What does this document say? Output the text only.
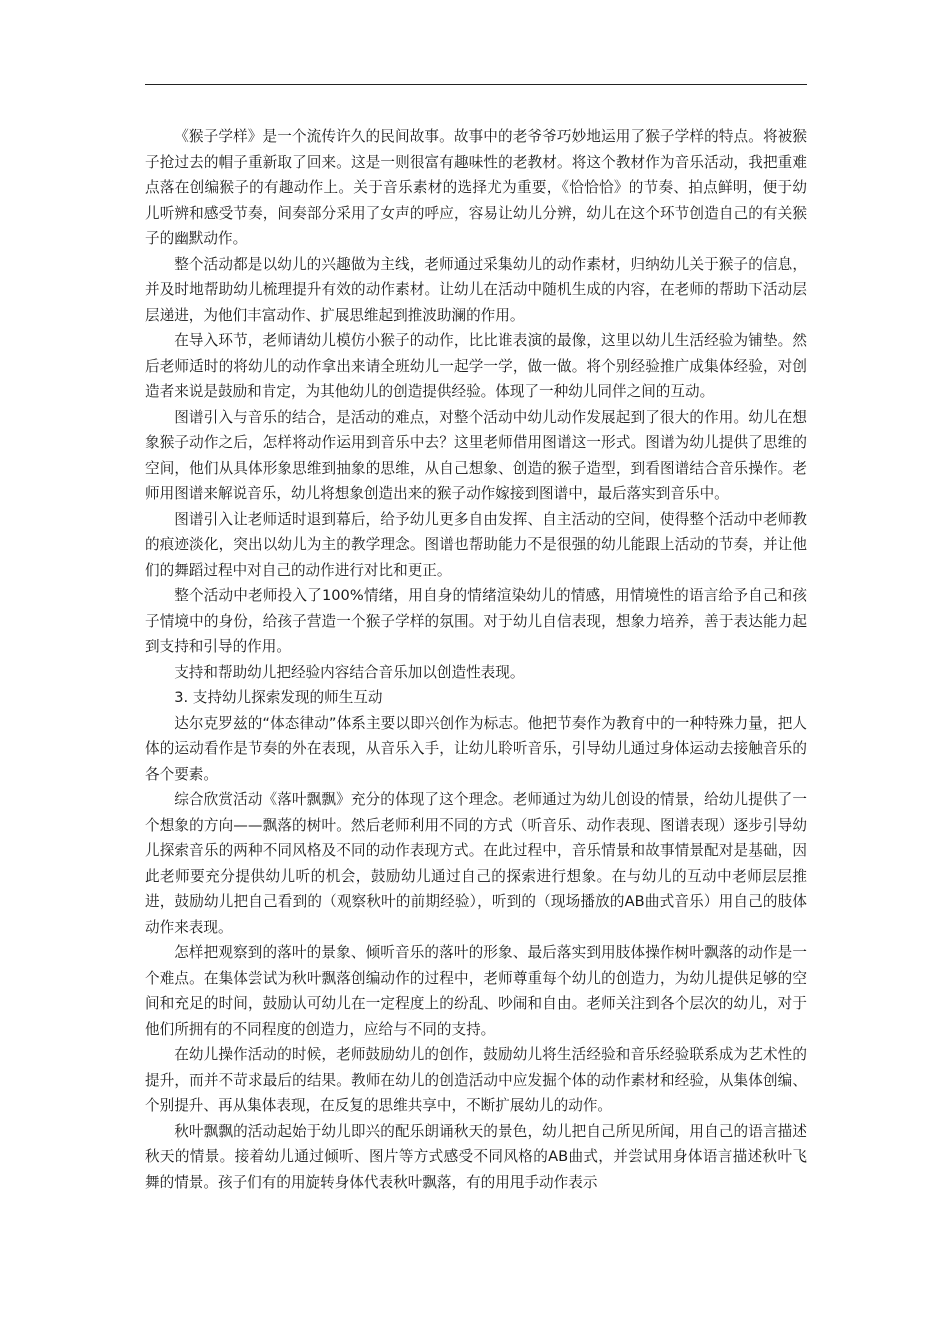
《猴子学样》是一个流传许久的民间故事。故事中的老爷爷巧妙地运用了猴子学样的特点。将被猴子抢过去的帽子重新取了回来。这是一则很富有趣味性的老教材。将这个教材作为音乐活动，我把重难点落在创编猴子的有趣动作上。关于音乐素材的选择尤为重要，《恰恰恰》的节奏、拍点鲜明，便于幼儿听辨和感受节奏，间奏部分采用了女声的呼应，容易让幼儿分辨，幼儿在这个环节创造自己的有关猴子的幽默动作。

整个活动都是以幼儿的兴趣做为主线，老师通过采集幼儿的动作素材，归纳幼儿关于猴子的信息，并及时地帮助幼儿梳理提升有效的动作素材。让幼儿在活动中随机生成的内容，在老师的帮助下活动层层递进，为他们丰富动作、扩展思维起到推波助澜的作用。

在导入环节，老师请幼儿模仿小猴子的动作，比比谁表演的最像，这里以幼儿生活经验为铺垫。然后老师适时的将幼儿的动作拿出来请全班幼儿一起学一学，做一做。将个别经验推广成集体经验，对创造者来说是鼓励和肯定，为其他幼儿的创造提供经验。体现了一种幼儿同伴之间的互动。

图谱引入与音乐的结合，是活动的难点，对整个活动中幼儿动作发展起到了很大的作用。幼儿在想象猴子动作之后，怎样将动作运用到音乐中去？这里老师借用图谱这一形式。图谱为幼儿提供了思维的空间，他们从具体形象思维到抽象的思维，从自己想象、创造的猴子造型，到看图谱结合音乐操作。老师用图谱来解说音乐，幼儿将想象创造出来的猴子动作嫁接到图谱中，最后落实到音乐中。

图谱引入让老师适时退到幕后，给予幼儿更多自由发挥、自主活动的空间，使得整个活动中老师教的痕迹淡化，突出以幼儿为主的教学理念。图谱也帮助能力不是很强的幼儿能跟上活动的节奏，并让他们的舞蹈过程中对自己的动作进行对比和更正。

整个活动中老师投入了100%情绪，用自身的情绪渲染幼儿的情感，用情境性的语言给予自己和孩子情境中的身份，给孩子营造一个猴子学样的氛围。对于幼儿自信表现，想象力培养，善于表达能力起到支持和引导的作用。

支持和帮助幼儿把经验内容结合音乐加以创造性表现。

3. 支持幼儿探索发现的师生互动

达尔克罗兹的“体态律动”体系主要以即兴创作为标志。他把节奏作为教育中的一种特殊力量，把人体的运动看作是节奏的外在表现，从音乐入手，让幼儿聆听音乐，引导幼儿通过身体运动去接触音乐的各个要素。

综合欣赏活动《落叶飘飘》充分的体现了这个理念。老师通过为幼儿创设的情景，给幼儿提供了一个想象的方向——飘落的树叶。然后老师利用不同的方式（听音乐、动作表现、图谱表现）逐步引导幼儿探索音乐的两种不同风格及不同的动作表现方式。在此过程中，音乐情景和故事情景配对是基础，因此老师要充分提供幼儿听的机会，鼓励幼儿通过自己的探索进行想象。在与幼儿的互动中老师层层推进，鼓励幼儿把自己看到的（观察秋叶的前期经验），听到的（现场播放的AB曲式音乐）用自己的肢体动作来表现。

怎样把观察到的落叶的景象、倾听音乐的落叶的形象、最后落实到用肢体操作树叶飘落的动作是一个难点。在集体尝试为秋叶飘落创编动作的过程中，老师尊重每个幼儿的创造力，为幼儿提供足够的空间和充足的时间，鼓励认可幼儿在一定程度上的纷乱、吵闹和自由。老师关注到各个层次的幼儿，对于他们所拥有的不同程度的创造力，应给与不同的支持。

在幼儿操作活动的时候，老师鼓励幼儿的创作，鼓励幼儿将生活经验和音乐经验联系成为艺术性的提升，而并不苛求最后的结果。教师在幼儿的创造活动中应发掘个体的动作素材和经验，从集体创编、个别提升、再从集体表现，在反复的思维共享中，不断扩展幼儿的动作。

秋叶飘飘的活动起始于幼儿即兴的配乐朗诵秋天的景色，幼儿把自己所见所闻，用自己的语言描述秋天的情景。接着幼儿通过倾听、图片等方式感受不同风格的AB曲式，并尝试用身体语言描述秋叶飞舞的情景。孩子们有的用旋转身体代表秋叶飘落，有的用甩手动作表示
